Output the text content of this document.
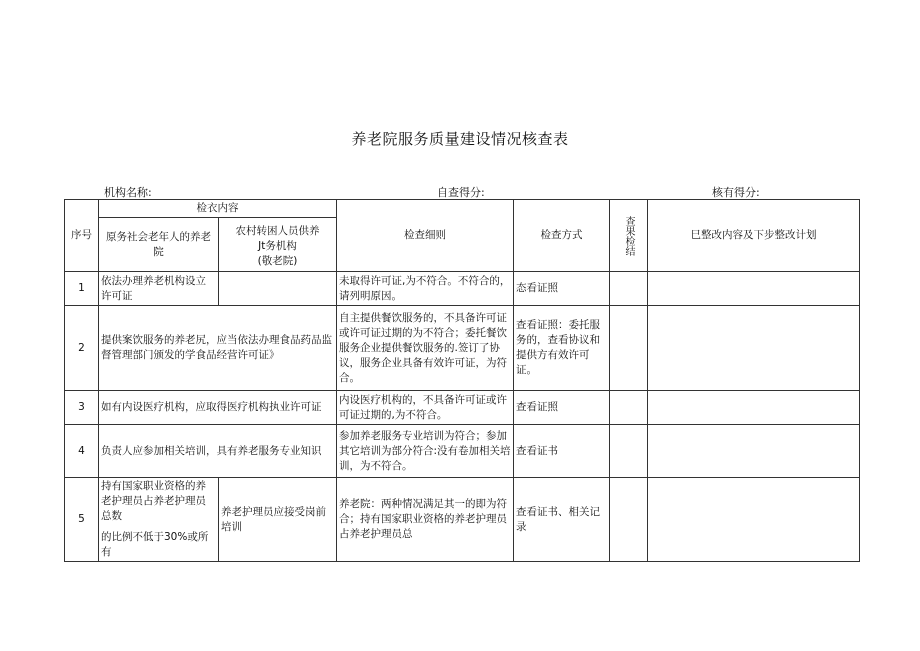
养老院服务质量建设情况核查表
机构名称:	自查得分:	核有得分:
序号	检衣内容		检查细则	检查方式	查果检结	巳整改内容及下步整改计划
	原务社会老年人的养老院	农村转困人员供养
Jt务机构
(敬老院)				

1	依法办理养老机构设立许可证		未取得许可证,为不符合。不符合的，请列明原因。	态看证照		
2	提供案饮服务的养老尻，应当依法办理食品药品监督管理部门颁发的学食品经营许可证》		自主提供餐饮服务的，不具备许可证或许可证过期的为不符合；委托餐饮服务企业提供餐饮服务的.签订了协议，服务企业具备有效许可证，为符合。	查看证照：委托服务的，查看协议和提供方有效许可证。		
3	如有内设医疗机构，应取得医疗机构执业许可证		内设医疗机构的，不具备许可证或许可证过期的,为不符合。	查看证照		
4	负责人应参加相关培训，具有养老服务专业知识		参加养老服务专业培训为符合；参加其它培训为部分符合:没有卷加相关培训，为不符合。	查看证书		
5	持有国家职业资格的养老护理员占养老护理员总数
的比例不低于30%或所有	养老护理员应接受岗前培训	养老院：两种情况满足其一的即为符合；持有国家职业资格的养老护理员占养老护理员总	查看证书、相关记录		
